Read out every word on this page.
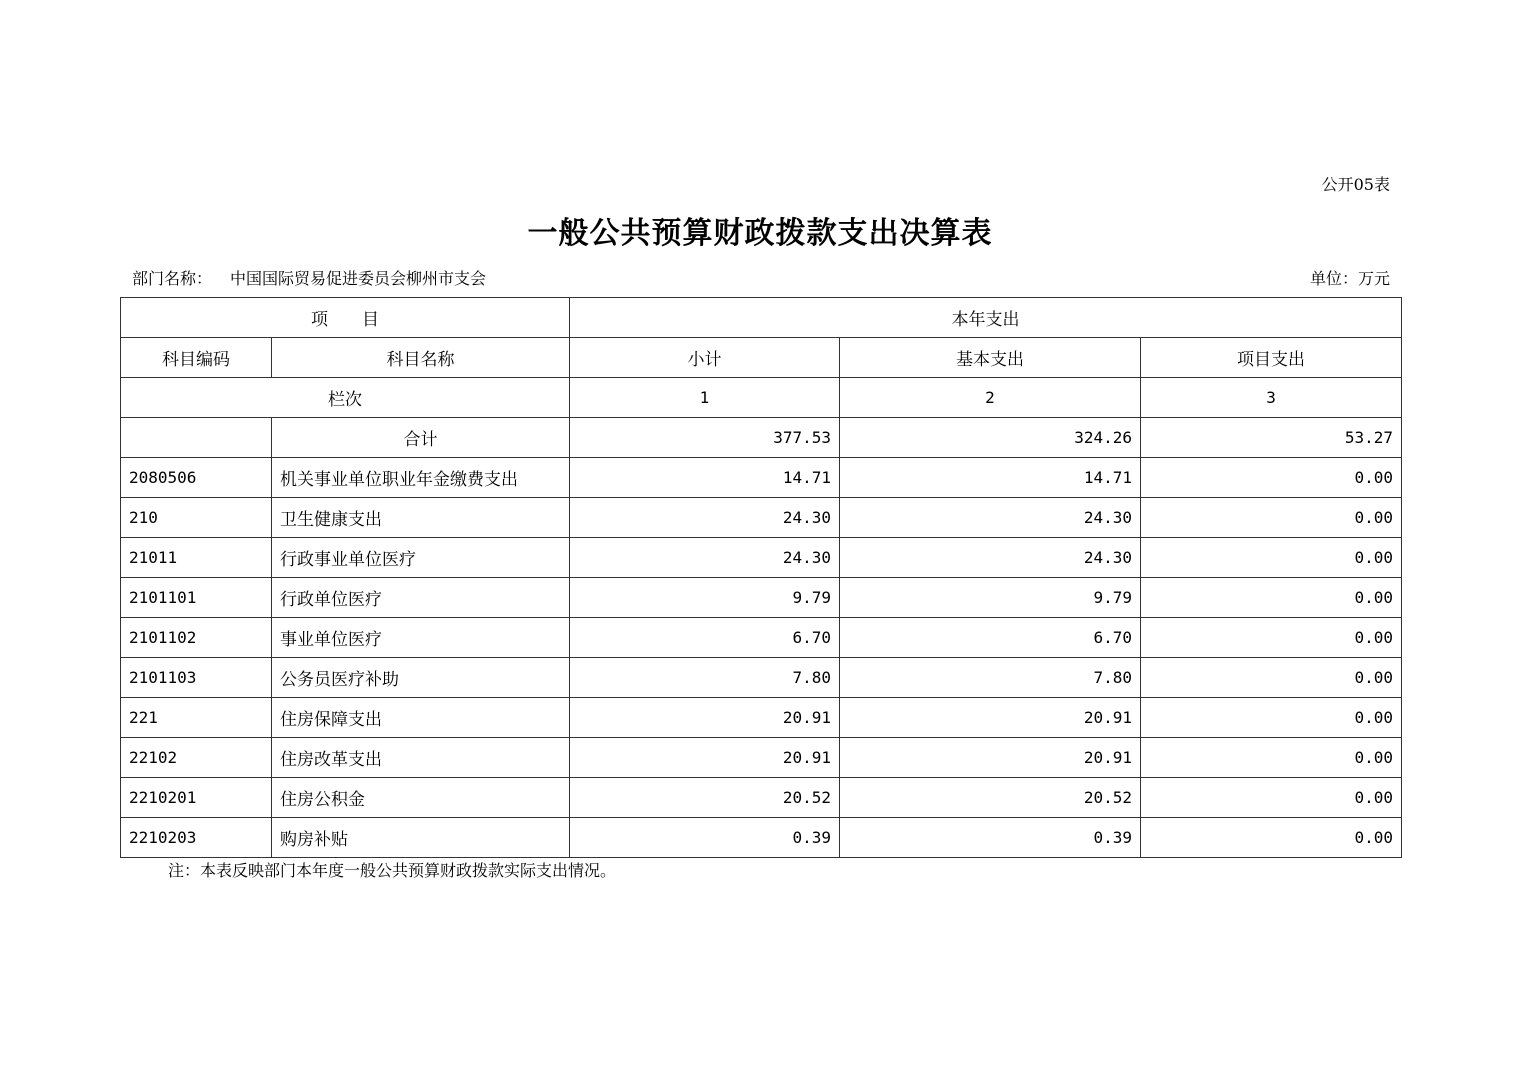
公开05表
一般公共预算财政拨款支出决算表
部门名称： 中国国际贸易促进委员会柳州市支会	单位：万元
项　　目		本年支出		
科目编码	科目名称	小计	基本支出	项目支出
栏次		1	2	3
	合计	377.53	324.26	53.27
2080506	机关事业单位职业年金缴费支出	14.71	14.71	0.00
210	卫生健康支出	24.30	24.30	0.00
21011	行政事业单位医疗	24.30	24.30	0.00
2101101	行政单位医疗	9.79	9.79	0.00
2101102	事业单位医疗	6.70	6.70	0.00
2101103	公务员医疗补助	7.80	7.80	0.00
221	住房保障支出	20.91	20.91	0.00
22102	住房改革支出	20.91	20.91	0.00
2210201	住房公积金	20.52	20.52	0.00
2210203	购房补贴	0.39	0.39	0.00
注：本表反映部门本年度一般公共预算财政拨款实际支出情况。
